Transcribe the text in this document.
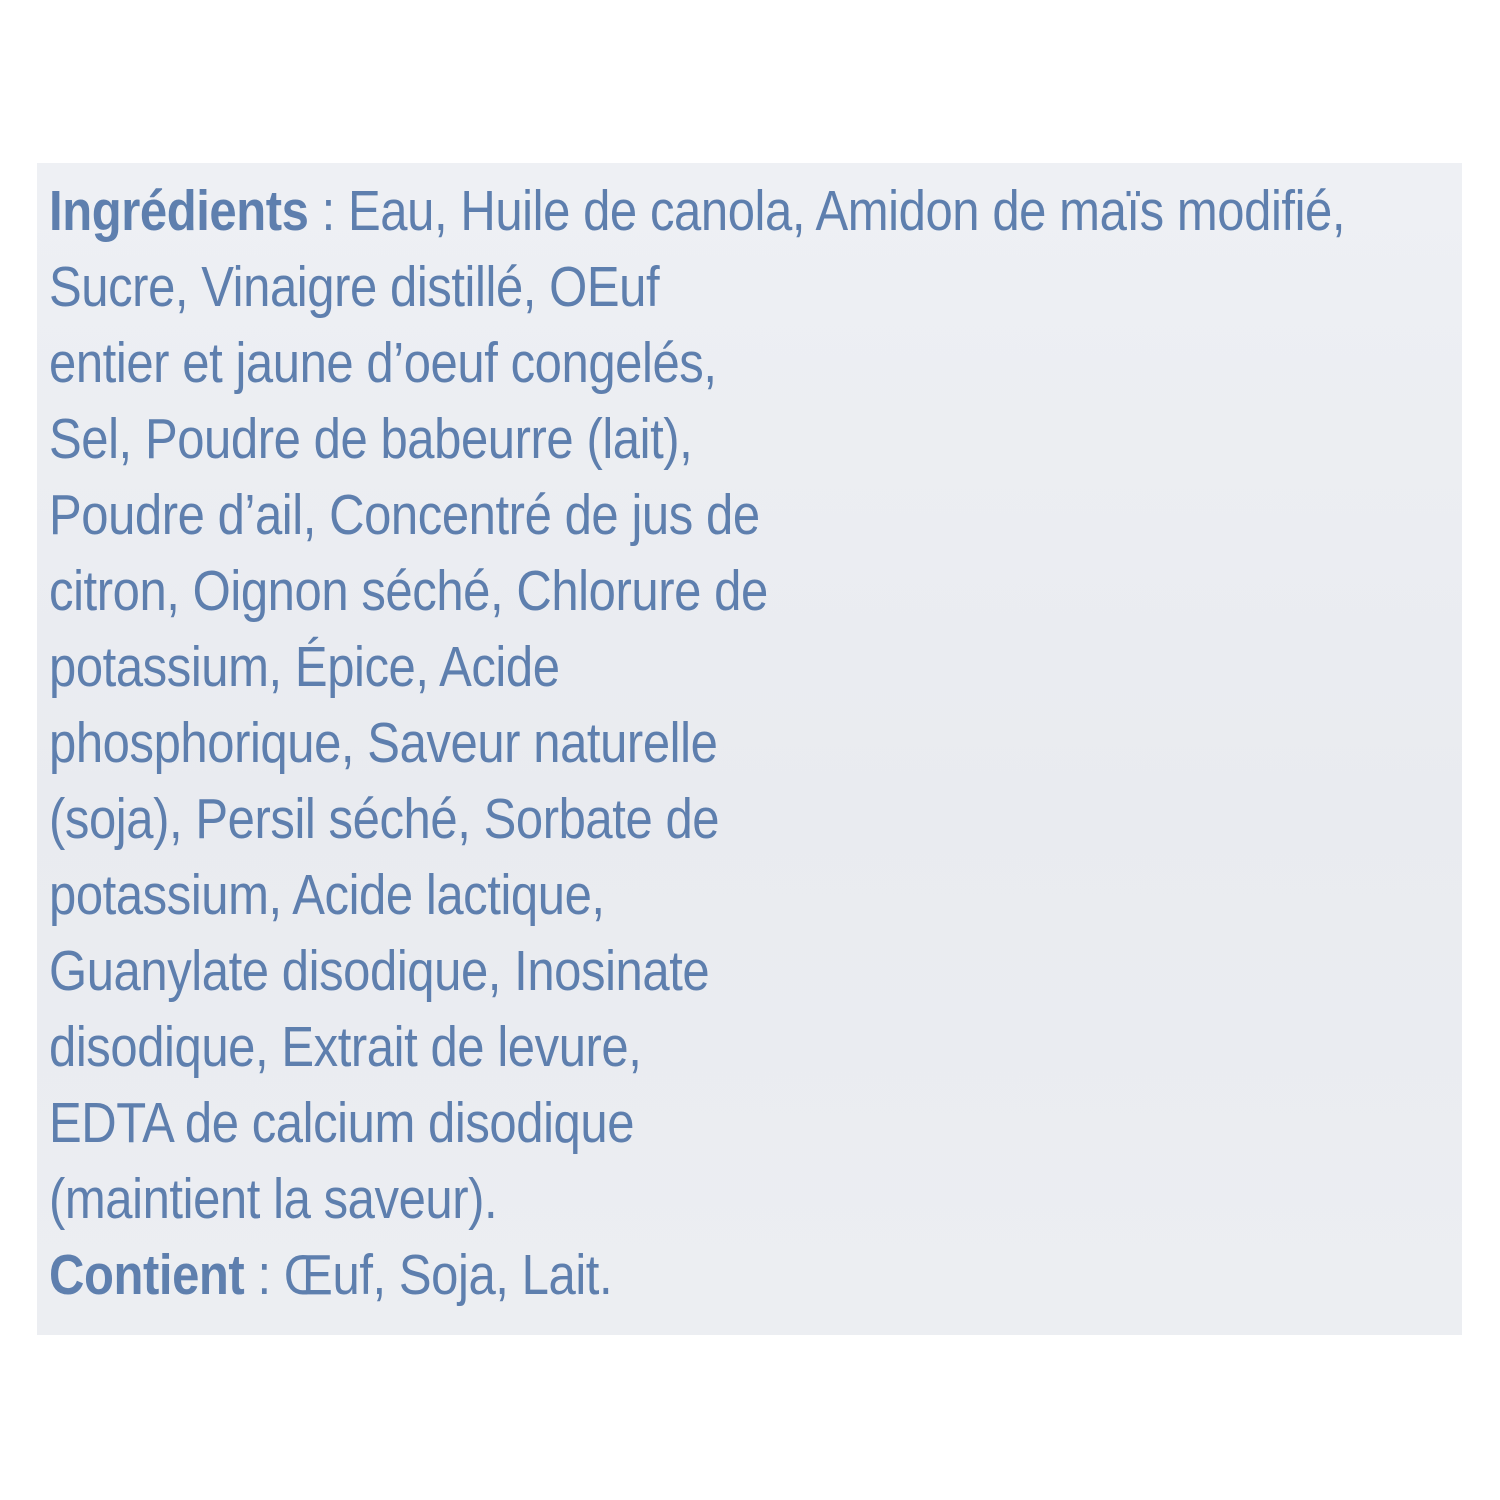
Ingrédients : Eau, Huile de canola, Amidon de maïs modifié,
Sucre, Vinaigre distillé, OEuf
entier et jaune d’oeuf congelés,
Sel, Poudre de babeurre (lait),
Poudre d’ail, Concentré de jus de
citron, Oignon séché, Chlorure de
potassium, Épice, Acide
phosphorique, Saveur naturelle
(soja), Persil séché, Sorbate de
potassium, Acide lactique,
Guanylate disodique, Inosinate
disodique, Extrait de levure,
EDTA de calcium disodique
(maintient la saveur).
Contient : Œuf, Soja, Lait.
